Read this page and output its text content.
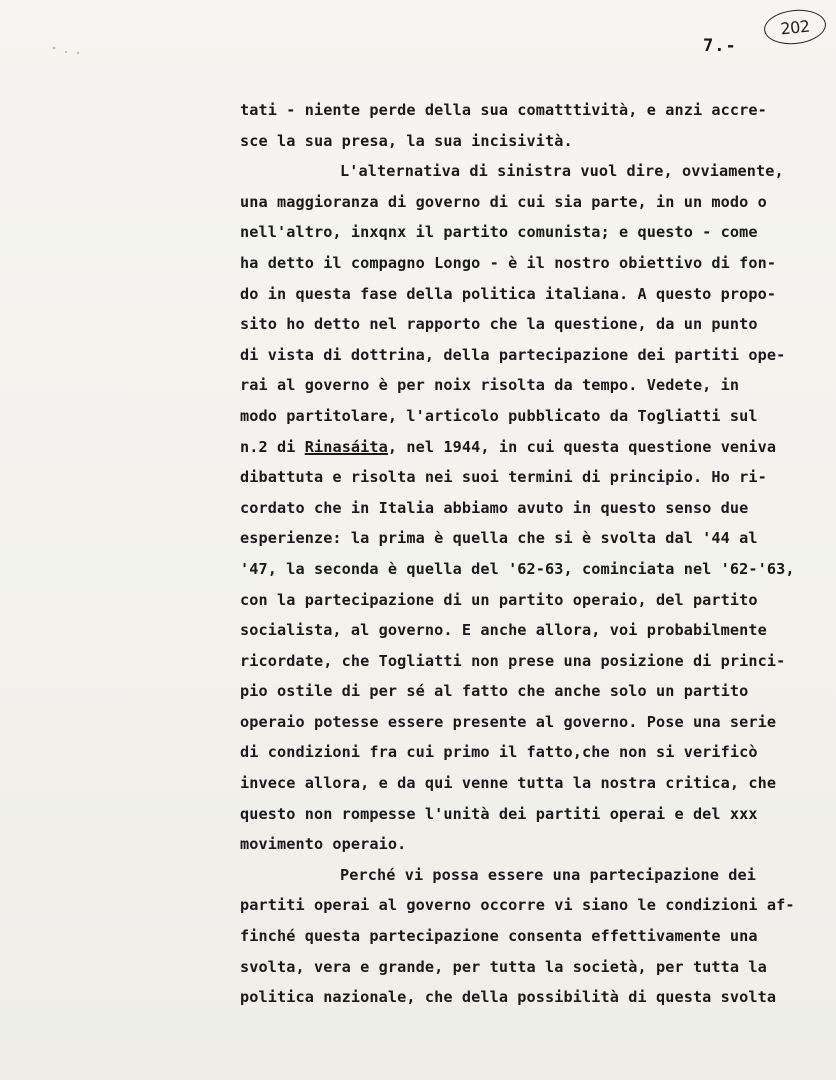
202
7.-
tati - niente perde della sua comatttività, e anzi accre-
sce la sua presa, la sua incisività.
L'alternativa di sinistra vuol dire, ovviamente,
una maggioranza di governo di cui sia parte, in un modo o
nell'altro, inxqnx il partito comunista; e questo - come
ha detto il compagno Longo - è il nostro obiettivo di fon-
do in questa fase della politica italiana. A questo propo-
sito ho detto nel rapporto che la questione, da un punto
di vista di dottrina, della partecipazione dei partiti ope-
rai al governo è per noix risolta da tempo. Vedete, in
modo partitolare, l'articolo pubblicato da Togliatti sul
n.2 di Rinasáita, nel 1944, in cui questa questione veniva
dibattuta e risolta nei suoi termini di principio. Ho ri-
cordato che in Italia abbiamo avuto in questo senso due
esperienze: la prima è quella che si è svolta dal '44 al
'47, la seconda è quella del '62-63, cominciata nel '62-'63,
con la partecipazione di un partito operaio, del partito
socialista, al governo. E anche allora, voi probabilmente
ricordate, che Togliatti non prese una posizione di princi-
pio ostile di per sé al fatto che anche solo un partito
operaio potesse essere presente al governo. Pose una serie
di condizioni fra cui primo il fatto,che non si verificò
invece allora, e da qui venne tutta la nostra critica, che
questo non rompesse l'unità dei partiti operai e del xxx
movimento operaio.
Perché vi possa essere una partecipazione dei
partiti operai al governo occorre vi siano le condizioni af-
finché questa partecipazione consenta effettivamente una
svolta, vera e grande, per tutta la società, per tutta la
politica nazionale, che della possibilità di questa svolta
